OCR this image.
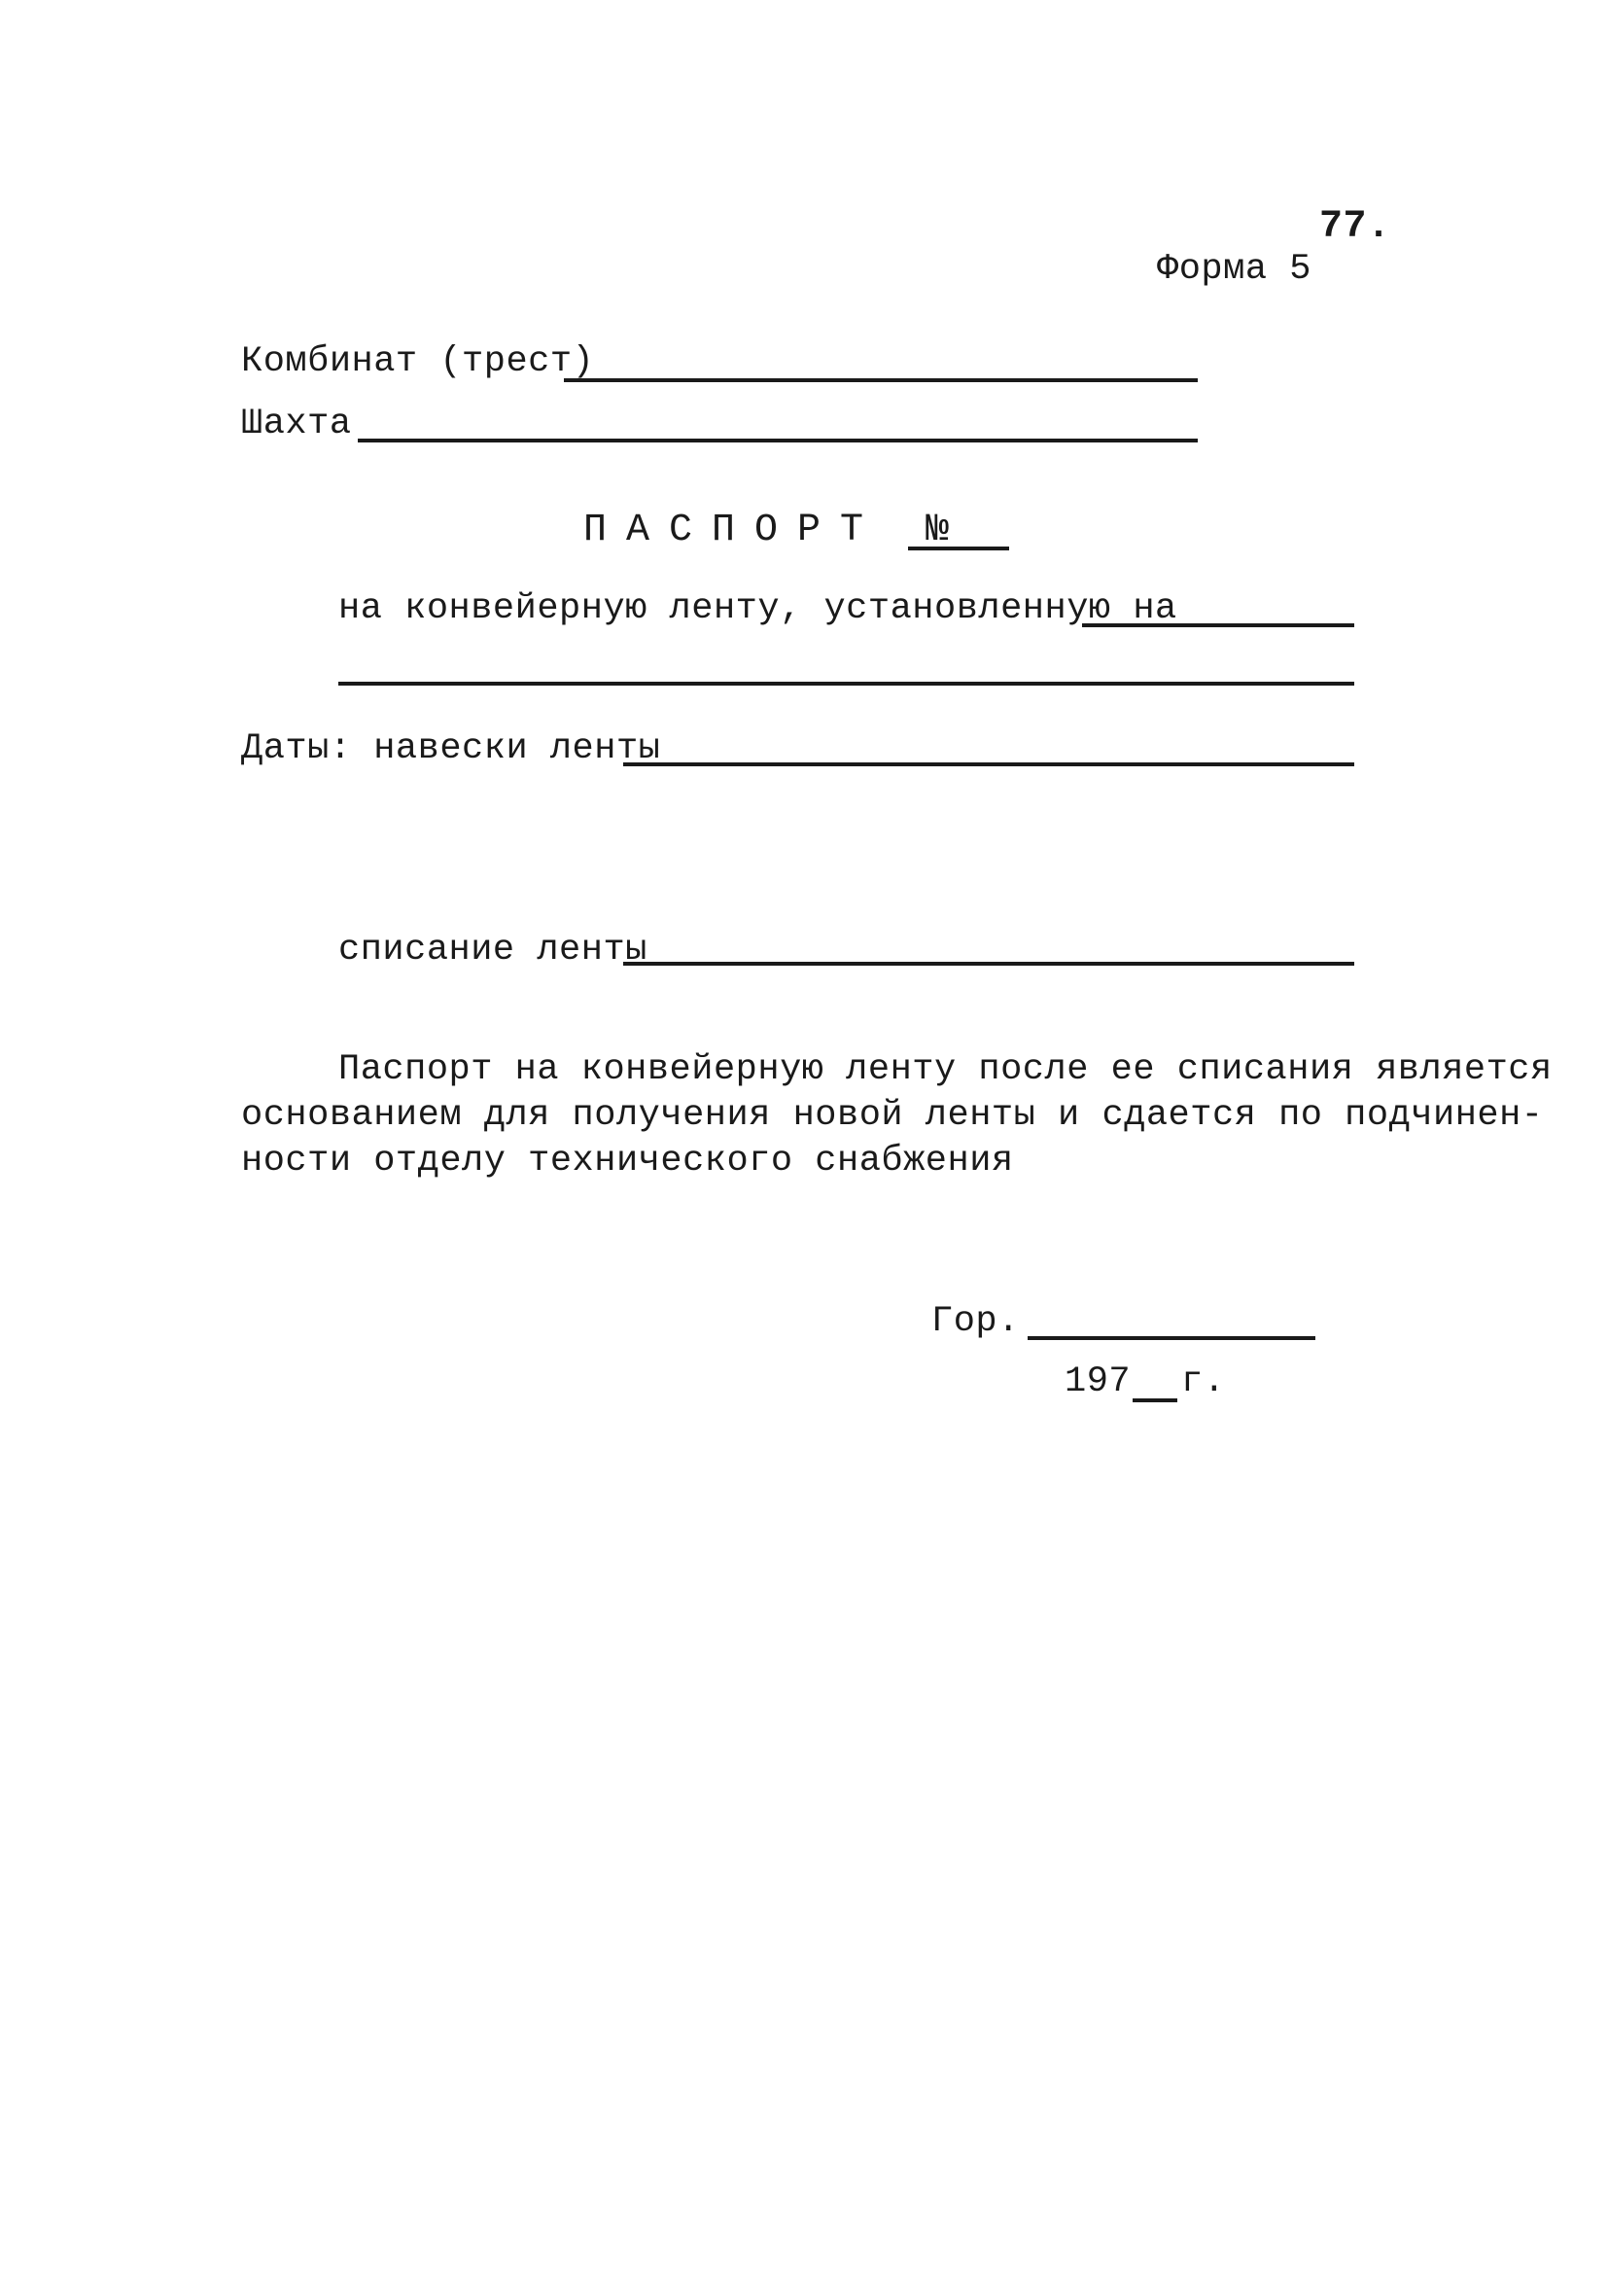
77.
Форма 5
Комбинат (трест)
Шахта
ПАСПОРТ №
на конвейерную ленту, установленную на
Даты: навески ленты
списание ленты
Паспорт на конвейерную ленту после ее списания является
основанием для получения новой ленты и сдается по подчинен-
ности отделу технического снабжения
Гор.
197 г.
